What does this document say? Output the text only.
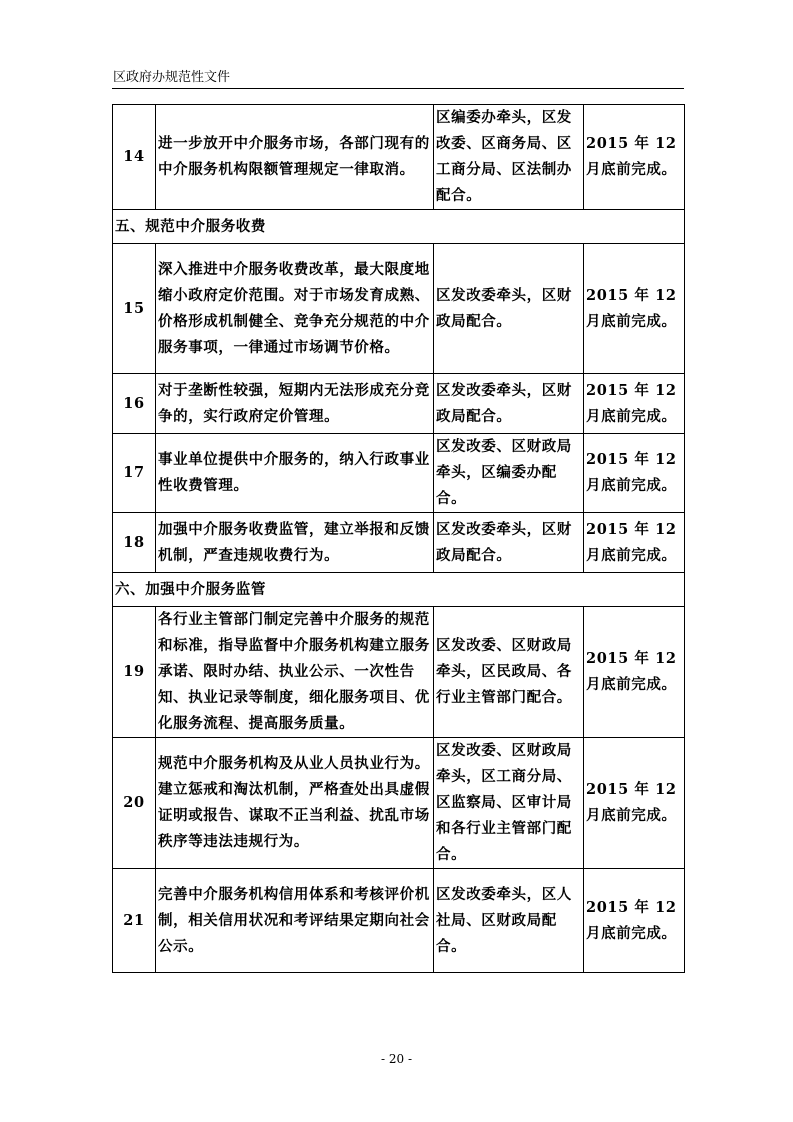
区政府办规范性文件
14	进一步放开中介服务市场，各部门现有的中介服务机构限额管理规定一律取消。	区编委办牵头，区发改委、区商务局、区工商分局、区法制办配合。	2015 年 12 月底前完成。
五、规范中介服务收费			
15	深入推进中介服务收费改革，最大限度地缩小政府定价范围。对于市场发育成熟、价格形成机制健全、竞争充分规范的中介服务事项，一律通过市场调节价格。	区发改委牵头，区财政局配合。	2015 年 12 月底前完成。
16	对于垄断性较强，短期内无法形成充分竞争的，实行政府定价管理。	区发改委牵头，区财政局配合。	2015 年 12 月底前完成。
17	事业单位提供中介服务的，纳入行政事业性收费管理。	区发改委、区财政局牵头，区编委办配合。	2015 年 12 月底前完成。
18	加强中介服务收费监管，建立举报和反馈机制，严查违规收费行为。	区发改委牵头，区财政局配合。	2015 年 12 月底前完成。
六、加强中介服务监管			
19	各行业主管部门制定完善中介服务的规范和标准，指导监督中介服务机构建立服务承诺、限时办结、执业公示、一次性告知、执业记录等制度，细化服务项目、优化服务流程、提高服务质量。	区发改委、区财政局牵头，区民政局、各行业主管部门配合。	2015 年 12 月底前完成。
20	规范中介服务机构及从业人员执业行为。建立惩戒和淘汰机制，严格查处出具虚假证明或报告、谋取不正当利益、扰乱市场秩序等违法违规行为。	区发改委、区财政局牵头，区工商分局、区监察局、区审计局和各行业主管部门配合。	2015 年 12 月底前完成。
21	完善中介服务机构信用体系和考核评价机制，相关信用状况和考评结果定期向社会公示。	区发改委牵头，区人社局、区财政局配合。	2015 年 12 月底前完成。
- 20 -
